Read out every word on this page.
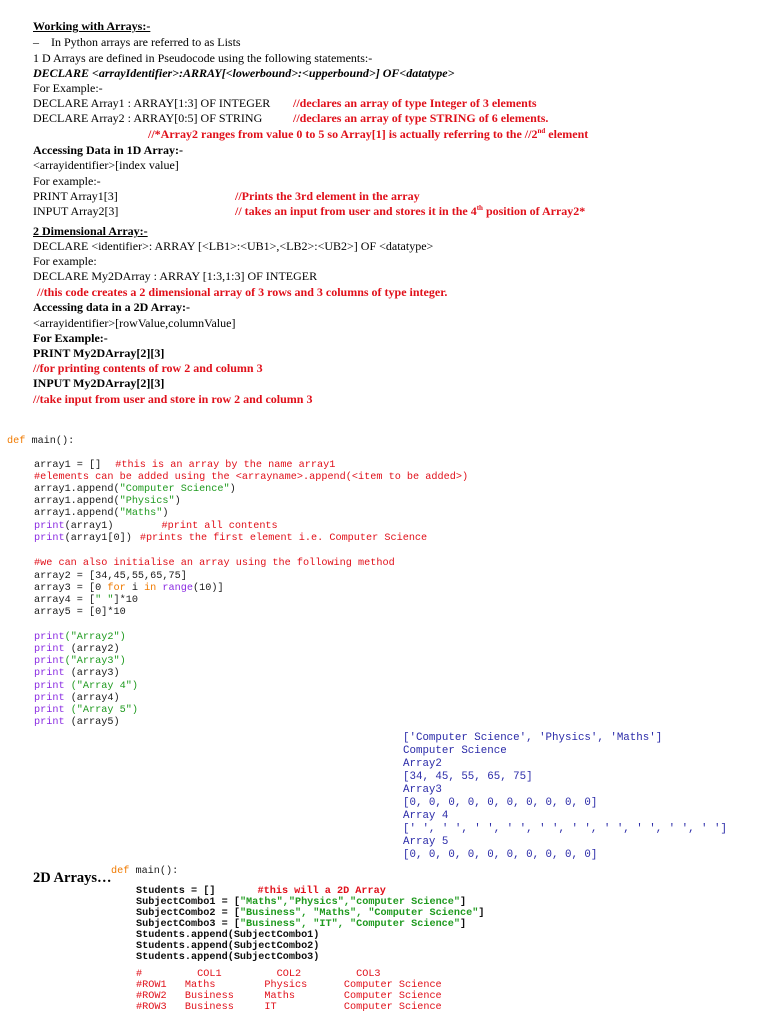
Working with Arrays:-
– In Python arrays are referred to as Lists
1 D Arrays are defined in Pseudocode using the following statements:-
DECLARE <arrayIdentifier>:ARRAY[<lowerbound>:<upperbound>] OF<datatype>
For Example:-
DECLARE Array1 : ARRAY[1:3] OF INTEGER //declares an array of type Integer of 3 elements
DECLARE Array2 : ARRAY[0:5] OF STRING	//declares an array of type STRING of 6 elements.
//*Array2 ranges from value 0 to 5 so Array[1] is actually referring to the //2nd element
Accessing Data in 1D Array:-
<arrayidentifier>[index value]
For example:-
PRINT Array1[3]	//Prints the 3rd element in the array
INPUT Array2[3]	// takes an input from user and stores it in the 4th position of Array2*
2 Dimensional Array:-
DECLARE <identifier>: ARRAY [<LB1>:<UB1>,<LB2>:<UB2>] OF <datatype>
For example:
DECLARE My2DArray : ARRAY [1:3,1:3] OF INTEGER
//this code creates a 2 dimensional array of 3 rows and 3 columns of type integer.
Accessing data in a 2D Array:-
<arrayidentifier>[rowValue,columnValue]
For Example:-
PRINT My2DArray[2][3]
//for printing contents of row 2 and column 3
INPUT My2DArray[2][3]
//take input from user and store in row 2 and column 3
def main():
array1 = [] #this is an array by the name array1
#elements can be added using the <arrayname>.append(<item to be added>)
array1.append("Computer Science")
array1.append("Physics")
array1.append("Maths")
print(array1)	#print all contents
print(array1[0]) #prints the first element i.e. Computer Science
#we can also initialise an array using the following method
array2 = [34,45,55,65,75]
array3 = [0 for i in range(10)]
array4 = [" "]*10
array5 = [0]*10
print("Array2")
print (array2)
print("Array3")
print (array3)
print ("Array 4")
print (array4)
print ("Array 5")
print (array5)
['Computer Science', 'Physics', 'Maths']
Computer Science
Array2
[34, 45, 55, 65, 75]
Array3
[0, 0, 0, 0, 0, 0, 0, 0, 0, 0]
Array 4
[' ', ' ', ' ', ' ', ' ', ' ', ' ', ' ', ' ', ' ']
Array 5
[0, 0, 0, 0, 0, 0, 0, 0, 0, 0]
2D Arrays… def main():
Students = []	#this will a 2D Array
SubjectCombo1 = ["Maths","Physics","computer Science"]
SubjectCombo2 = ["Business", "Maths", "Computer Science"]
SubjectCombo3 = ["Business", "IT", "Computer Science"]
Students.append(SubjectCombo1)
Students.append(SubjectCombo2)
Students.append(SubjectCombo3)
#         COL1         COL2         COL3
#ROW1   Maths        Physics      Computer Science
#ROW2   Business     Maths        Computer Science
#ROW3   Business     IT           Computer Science
